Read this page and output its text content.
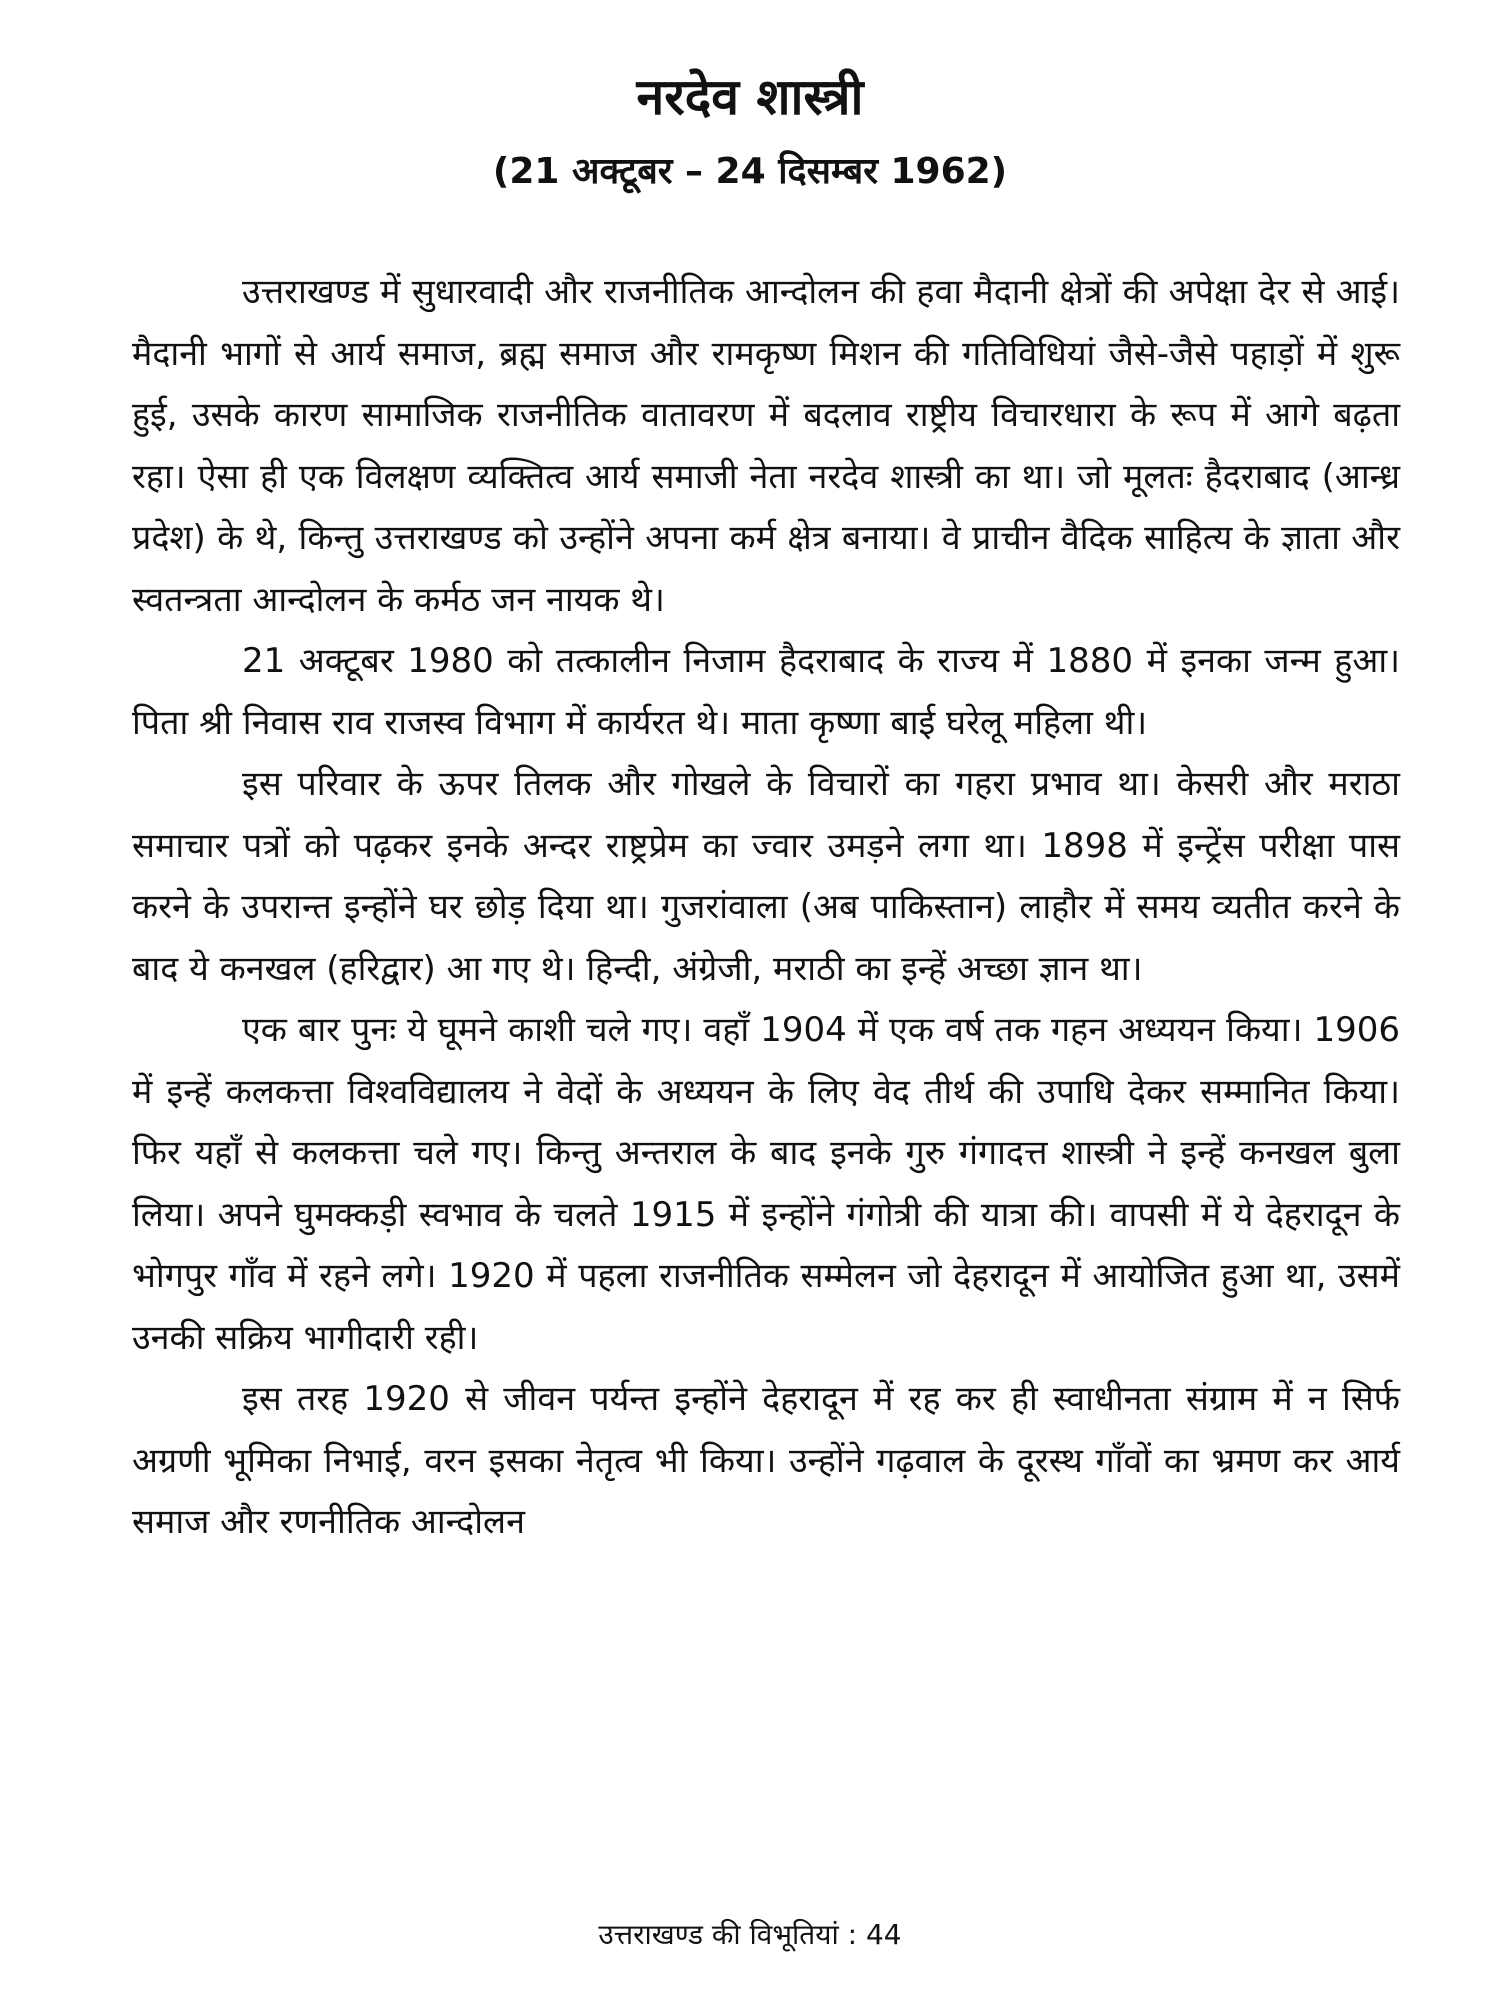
नरदेव शास्त्री
(21 अक्टूबर – 24 दिसम्बर 1962)

उत्तराखण्ड में सुधारवादी और राजनीतिक आन्दोलन की हवा मैदानी क्षेत्रों की अपेक्षा देर से आई। मैदानी भागों से आर्य समाज, ब्रह्म समाज और रामकृष्ण मिशन की गतिविधियां जैसे-जैसे पहाड़ों में शुरू हुई, उसके कारण सामाजिक राजनीतिक वातावरण में बदलाव राष्ट्रीय विचारधारा के रूप में आगे बढ़ता रहा। ऐसा ही एक विलक्षण व्यक्तित्व आर्य समाजी नेता नरदेव शास्त्री का था। जो मूलतः हैदराबाद (आन्ध्र प्रदेश) के थे, किन्तु उत्तराखण्ड को उन्होंने अपना कर्म क्षेत्र बनाया। वे प्राचीन वैदिक साहित्य के ज्ञाता और स्वतन्त्रता आन्दोलन के कर्मठ जन नायक थे।

21 अक्टूबर 1980 को तत्कालीन निजाम हैदराबाद के राज्य में 1880 में इनका जन्म हुआ। पिता श्री निवास राव राजस्व विभाग में कार्यरत थे। माता कृष्णा बाई घरेलू महिला थी।

इस परिवार के ऊपर तिलक और गोखले के विचारों का गहरा प्रभाव था। केसरी और मराठा समाचार पत्रों को पढ़कर इनके अन्दर राष्ट्रप्रेम का ज्वार उमड़ने लगा था। 1898 में इन्ट्रेंस परीक्षा पास करने के उपरान्त इन्होंने घर छोड़ दिया था। गुजरांवाला (अब पाकिस्तान) लाहौर में समय व्यतीत करने के बाद ये कनखल (हरिद्वार) आ गए थे। हिन्दी, अंग्रेजी, मराठी का इन्हें अच्छा ज्ञान था।

एक बार पुनः ये घूमने काशी चले गए। वहाँ 1904 में एक वर्ष तक गहन अध्ययन किया। 1906 में इन्हें कलकत्ता विश्वविद्यालय ने वेदों के अध्ययन के लिए वेद तीर्थ की उपाधि देकर सम्मानित किया। फिर यहाँ से कलकत्ता चले गए। किन्तु अन्तराल के बाद इनके गुरु गंगादत्त शास्त्री ने इन्हें कनखल बुला लिया। अपने घुमक्कड़ी स्वभाव के चलते 1915 में इन्होंने गंगोत्री की यात्रा की। वापसी में ये देहरादून के भोगपुर गाँव में रहने लगे। 1920 में पहला राजनीतिक सम्मेलन जो देहरादून में आयोजित हुआ था, उसमें उनकी सक्रिय भागीदारी रही।

इस तरह 1920 से जीवन पर्यन्त इन्होंने देहरादून में रह कर ही स्वाधीनता संग्राम में न सिर्फ अग्रणी भूमिका निभाई, वरन इसका नेतृत्व भी किया। उन्होंने गढ़वाल के दूरस्थ गाँवों का भ्रमण कर आर्य समाज और रणनीतिक आन्दोलन

उत्तराखण्ड की विभूतियां : 44
